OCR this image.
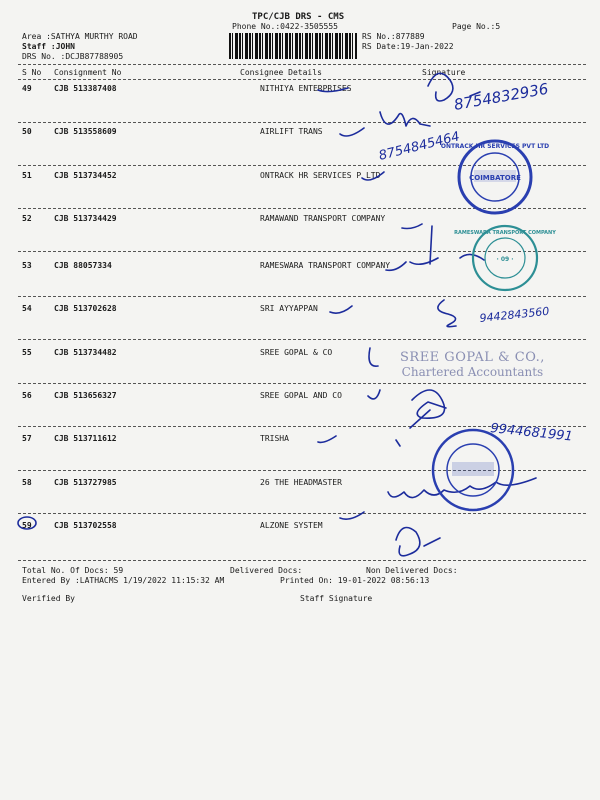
TPC/CJB DRS - CMS
Phone No.:0422-3505555	Page No.:5
Area :SATHYA MURTHY ROAD
Staff :JOHN
DRS No. :DCJB87788905
RS No.:877889
RS Date:19-Jan-2022
S No Consignment No	Consignee Details	Signature
49	CJB 513387408	NITHIYA ENTERPRISES
50	CJB 513558609	AIRLIFT TRANS
51	CJB 513734452	ONTRACK HR SERVICES P LTD
52	CJB 513734429	RAMAWAND TRANSPORT COMPANY
53	CJB 88057334	RAMESWARA TRANSPORT COMPANY
54	CJB 513702628	SRI AYYAPPAN
55	CJB 513734482	SREE GOPAL & CO
56	CJB 513656327	SREE GOPAL AND CO
57	CJB 513711612	TRISHA
58	CJB 513727985	26 THE HEADMASTER
59	CJB 513702558	ALZONE SYSTEM
Total No. Of Docs: 59	Delivered Docs:	Non Delivered Docs:
Entered By :LATHACMS 1/19/2022 11:15:32 AM	Printed On: 19-01-2022 08:56:13
Verified By	Staff Signature
SREE GOPAL & CO.,
Chartered Accountants
8754832936
8754845464
9442843560
9944681991
COIMBATORE
ONTRACK HR SERVICES PVT LTD
· 09 ·
RAMESWARA TRANSPORT COMPANY
